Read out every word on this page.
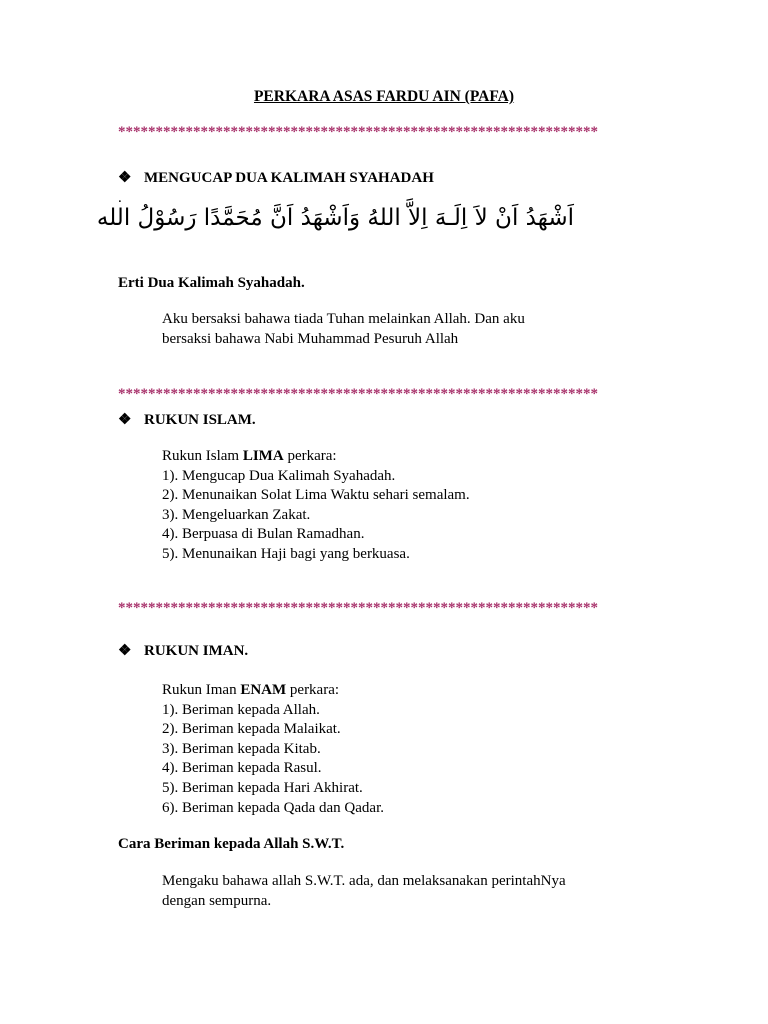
PERKARA ASAS FARDU AIN (PAFA)
****************************************************************
❖ MENGUCAP DUA KALIMAH SYAHADAH
.
اَشْهَدُ اَنْ لاَ اِلَـهَ اِلاَّ اللهُ وَاَشْهَدُ اَنَّ مُحَمَّدًا رَسُوْلُ الله
Erti Dua Kalimah Syahadah.

Aku bersaksi bahawa tiada Tuhan melainkan Allah. Dan aku

bersaksi bahawa Nabi Muhammad Pesuruh Allah

****************************************************************
❖ RUKUN ISLAM.

Rukun Islam LIMA perkara:

1). Mengucap Dua Kalimah Syahadah.

2). Menunaikan Solat Lima Waktu sehari semalam.

3). Mengeluarkan Zakat.

4). Berpuasa di Bulan Ramadhan.

5). Menunaikan Haji bagi yang berkuasa.

****************************************************************
❖ RUKUN IMAN.

Rukun Iman ENAM perkara:

1). Beriman kepada Allah.

2). Beriman kepada Malaikat.

3). Beriman kepada Kitab.

4). Beriman kepada Rasul.

5). Beriman kepada Hari Akhirat.

6). Beriman kepada Qada dan Qadar.

Cara Beriman kepada Allah S.W.T.

Mengaku bahawa allah S.W.T. ada, dan melaksanakan perintahNya

dengan sempurna.
